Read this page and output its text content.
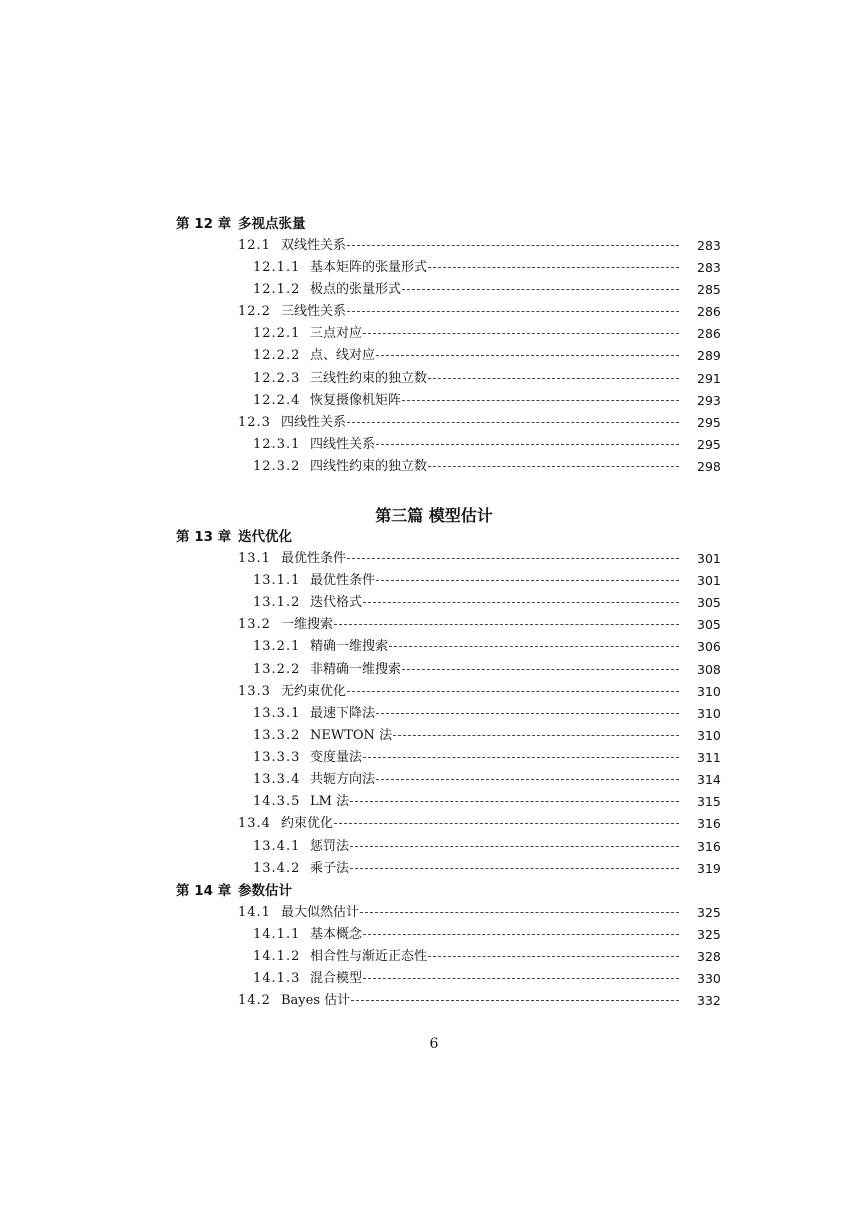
第 12 章 多视点张量
12.1 双线性关系	283
12.1.1 基本矩阵的张量形式	283
12.1.2 极点的张量形式	285
12.2 三线性关系	286
12.2.1 三点对应	286
12.2.2 点、线对应	289
12.2.3 三线性约束的独立数	291
12.2.4 恢复摄像机矩阵	293
12.3 四线性关系	295
12.3.1 四线性关系	295
12.3.2 四线性约束的独立数	298
第三篇 模型估计
第 13 章 迭代优化
13.1 最优性条件	301
13.1.1 最优性条件	301
13.1.2 迭代格式	305
13.2 一维搜索	305
13.2.1 精确一维搜索	306
13.2.2 非精确一维搜索	308
13.3 无约束优化	310
13.3.1 最速下降法	310
13.3.2 NEWTON 法	310
13.3.3 变度量法	311
13.3.4 共轭方向法	314
14.3.5 LM 法	315
13.4 约束优化	316
13.4.1 惩罚法	316
13.4.2 乘子法	319
第 14 章 参数估计
14.1 最大似然估计	325
14.1.1 基本概念	325
14.1.2 相合性与渐近正态性	328
14.1.3 混合模型	330
14.2 Bayes 估计	332
6
